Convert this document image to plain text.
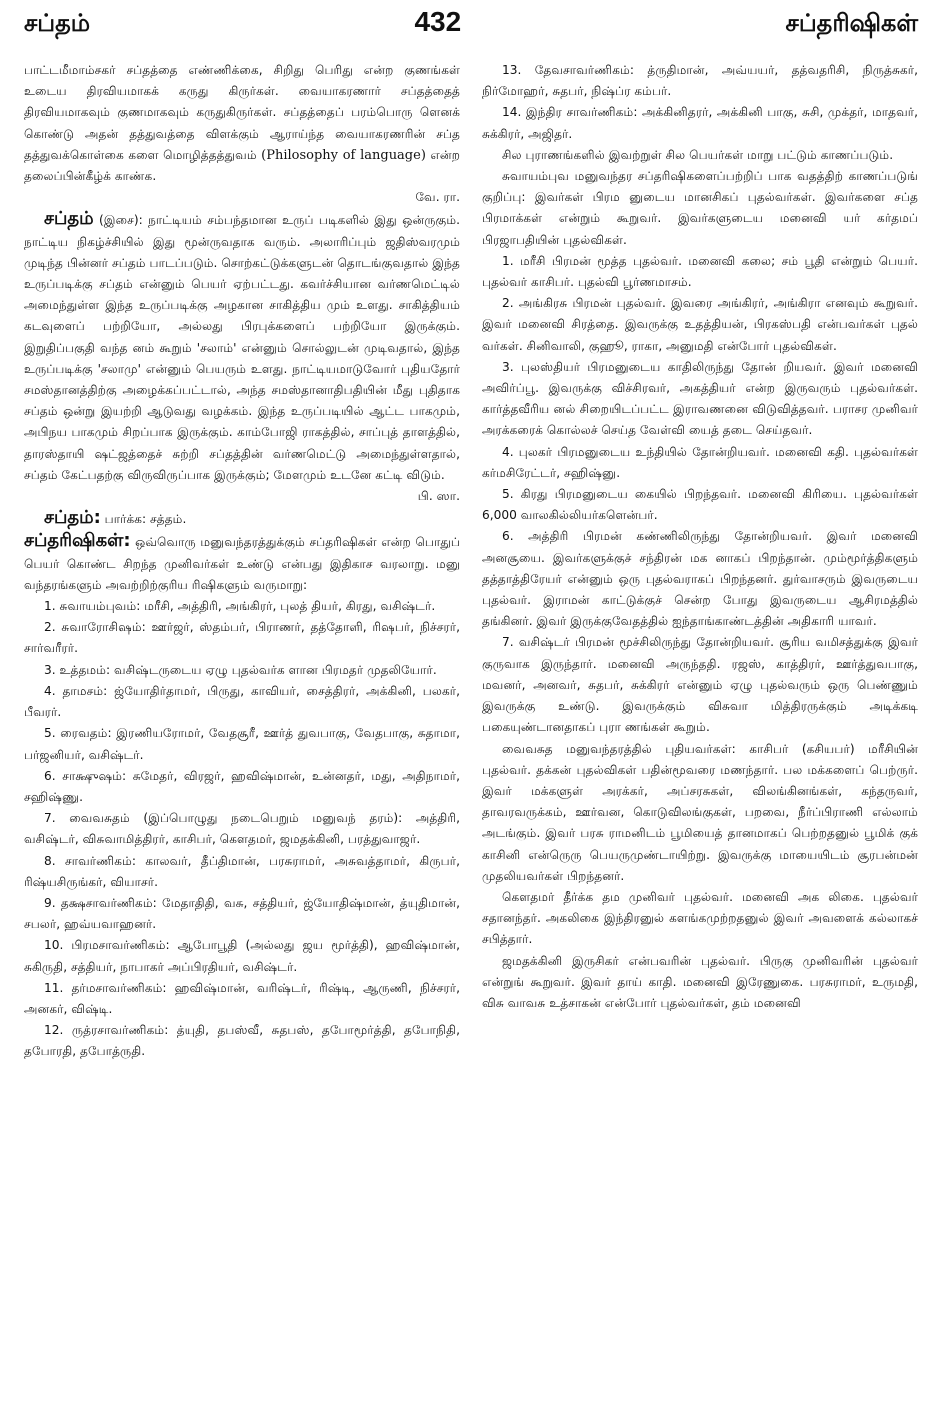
சப்தம்	432	சப்தரிஷிகள்

பாட்டமீமாம்சகர் சப்தத்தை எண்ணிக்கை, சிறிது பெரிது என்ற குணங்கள் உடைய திரவியமாகக் கருது கிருர்கள். வையாகரணார் சப்தத்தைத் திரவியமாகவும் குணமாகவும் கருதுகிருர்கள். சப்தத்தைப் பரம்பொரு ளெனக் கொண்டு அதன் தத்துவத்தை விளக்கும் ஆராய்ந்த வையாகரணரின் சப்த தத்துவக்கொள்கை களை மொழித்தத்துவம் (Philosophy of language) என்ற தலைப்பின்கீழ்க் காண்க.
வே. ரா.

சப்தம் (இசை): நாட்டியம் சம்பந்தமான உருப் படிகளில் இது ஒன்ருகும். நாட்டிய நிகழ்ச்சியில் இது மூன்ருவதாக வரும். அலாரிப்பும் ஜதிஸ்வரமும் முடிந்த பின்னர் சப்தம் பாடப்படும். சொற்கட்டுக்களுடன் தொடங்குவதால் இந்த உருப்படிக்கு சப்தம் என்னும் பெயர் ஏற்பட்டது. கவர்ச்சியான வர்ணமெட்டில் அமைந்துள்ள இந்த உருப்படிக்கு அழகான சாகித்திய மும் உளது. சாகித்தியம் கடவுளைப் பற்றியோ, அல்லது பிரபுக்களைப் பற்றியோ இருக்கும். இறுதிப்பகுதி வந்த னம் கூறும் 'சலாம்' என்னும் சொல்லுடன் முடிவதால், இந்த உருப்படிக்கு 'சலாமு' என்னும் பெயரும் உளது. நாட்டியமாடுவோர் புதியதோர் சமஸ்தானத்திற்கு அழைக்கப்பட்டால், அந்த சமஸ்தானாதிபதியின் மீது புதிதாக சப்தம் ஒன்று இயற்றி ஆடுவது வழக்கம். இந்த உருப்படியில் ஆட்ட பாகமும், அபிநய பாகமும் சிறப்பாக இருக்கும். காம்போஜி ராகத்தில், சாப்புத் தாளத்தில், தாரஸ்தாயி ஷட்ஜத்தைச் சுற்றி சப்தத்தின் வர்ணமெட்டு அமைந்துள்ளதால், சப்தம் கேட்பதற்கு விருவிருப்பாக இருக்கும்; மேளமும் உடனே கட்டி விடும்.
பி. ஸா.

சப்தம்: பார்க்க: சத்தம்.

சப்தரிஷிகள்: ஒவ்வொரு மனுவந்தரத்துக்கும் சப்தரிஷிகள் என்ற பொதுப் பெயர் கொண்ட சிறந்த முனிவர்கள் உண்டு என்பது இதிகாச வரலாறு. மனு வந்தரங்களும் அவற்றிற்குரிய ரிஷிகளும் வருமாறு:

1. சுவாயம்புவம்: மரீசி, அத்திரி, அங்கிரர், புலத் தியர், கிரது, வசிஷ்டர்.

2. சுவாரோசிஷம்: ஊர்ஜர், ஸ்தம்பர், பிராணர், தத்தோளி, ரிஷபர், நிச்சரர், சார்வரீரர்.

3. உத்தமம்: வசிஷ்டருடைய ஏழு புதல்வர்க ளான பிரமதர் முதலியோர்.

4. தாமசம்: ஜ்யோதிர்தாமர், பிருது, காவியர், சைத்திரர், அக்கினி, பலகர், பீவரர்.

5. ரைவதம்: இரணியரோமர், வேதசூரீ, ஊர்த் துவபாகு, வேதபாகு, சுதாமா, பர்ஜனியர், வசிஷ்டர்.

6. சாக்ஷுஷம்: சுமேதர், விரஜர், ஹவிஷ்மான், உன்னதர், மது, அதிநாமர், சஹிஷ்ணு.

7. வைவசுதம் (இப்பொழுது நடைபெறும் மனுவந் தரம்): அத்திரி, வசிஷ்டர், விசுவாமித்திரர், காசிபர், கௌதமர், ஜமதக்கினி, பரத்துவாஜர்.

8. சாவர்ணிகம்: காலவர், தீப்திமான், பரசுராமர், அசுவத்தாமர், கிருபர், ரிஷ்யசிருங்கர், வியாசர்.

9. தக்ஷசாவர்ணிகம்: மேதாதிதி, வசு, சத்தியர், ஜ்யோதிஷ்மான், த்யுதிமான், சபலர், ஹவ்யவாஹனர்.

10. பிரமசாவர்ணிகம்: ஆபோபூதி (அல்லது ஜய மூர்த்தி), ஹவிஷ்மான், சுகிருதி, சத்தியர், நாபாகர் அப்பிரதியர், வசிஷ்டர்.

11. தர்மசாவர்ணிகம்: ஹவிஷ்மான், வரிஷ்டர், ரிஷ்டி, ஆருணி, நிச்சரர், அனகர், விஷ்டி.

12. ருத்ரசாவர்ணிகம்: த்யுதி, தபஸ்வீ, சுதபஸ், தபோமூர்த்தி, தபோநிதி, தபோரதி, தபோத்ருதி.

13. தேவசாவர்ணிகம்: த்ருதிமான், அவ்யயர், தத்வதரிசி, நிருத்சுகர், நிர்மோஹர், சுதபர், நிஷ்ப்ர கம்பர்.

14. இந்திர சாவர்ணிகம்: அக்கினிதரர், அக்கினி பாகு, சுசி, முக்தர், மாதவர், சுக்கிரர், அஜிதர்.

சில புராணங்களில் இவற்றுள் சில பெயர்கள் மாறு பட்டும் காணப்படும்.

சுவாயம்புவ மனுவந்தர சப்தரிஷிகளைப்பற்றிப் பாக வதத்திற் காணப்படுங் குறிப்பு: இவர்கள் பிரம னுடைய மானசிகப் புதல்வர்கள். இவர்களை சப்த பிரமாக்கள் என்றும் கூறுவர். இவர்களுடைய மனைவி யர் கர்தமப் பிரஜாபதியின் புதல்விகள்.

1. மரீசி பிரமன் மூத்த புதல்வர். மனைவி கலை; சம் பூதி என்றும் பெயர். புதல்வர் காசிபர். புதல்வி பூர்ணமாசம்.

2. அங்கிரசு பிரமன் புதல்வர். இவரை அங்கிரர், அங்கிரா எனவும் கூறுவர். இவர் மனைவி சிரத்தை. இவருக்கு உதத்தியன், பிரகஸ்பதி என்பவர்கள் புதல் வர்கள். சினிவாலி, குஹூ, ராகா, அனுமதி என்போர் புதல்விகள்.

3. புலஸ்தியர் பிரமனுடைய காதிலிருந்து தோன் றியவர். இவர் மனைவி அவிர்ப்பூ. இவருக்கு விச்சிரவர், அகத்தியர் என்ற இருவரும் புதல்வர்கள். கார்த்தவீரிய னல் சிறையிடப்பட்ட இராவணனை விடுவித்தவர். பராசர முனிவர் அரக்கரைக் கொல்லச் செய்த வேள்வி யைத் தடை செய்தவர்.

4. புலகர் பிரமனுடைய உந்தியில் தோன்றியவர். மனைவி கதி. புதல்வர்கள் கர்மசிரேட்டர், சஹிஷ்னு.

5. கிரது பிரமனுடைய கையில் பிறந்தவர். மனைவி கிரியை. புதல்வர்கள் 6,000 வாலகில்லியர்களென்பர்.

6. அத்திரி பிரமன் கண்ணிலிருந்து தோன்றியவர். இவர் மனைவி அனசூயை. இவர்களுக்குச் சந்திரன் மக னாகப் பிறந்தான். மும்மூர்த்திகளும் தத்தாத்திரேயர் என்னும் ஒரு புதல்வராகப் பிறந்தனர். துர்வாசரும் இவருடைய புதல்வர். இராமன் காட்டுக்குச் சென்ற போது இவருடைய ஆசிரமத்தில் தங்கினர். இவர் இருக்குவேதத்தில் ஐந்தாங்காண்டத்தின் அதிகாரி யாவர்.

7. வசிஷ்டர் பிரமன் மூச்சிலிருந்து தோன்றியவர். சூரிய வமிசத்துக்கு இவர் குருவாக இருந்தார். மனைவி அருந்ததி. ரஜஸ், காத்திரர், ஊர்த்துவபாகு, மவனர், அனவர், சுதபர், சுக்கிரர் என்னும் ஏழு புதல்வரும் ஒரு பெண்ணும் இவருக்கு உண்டு. இவருக்கும் விசுவா மித்திரருக்கும் அடிக்கடி பகையுண்டானதாகப் புரா ணங்கள் கூறும்.

வைவசுத மனுவந்தரத்தில் புதியவர்கள்: காசிபர் (கசியபர்) மரீசியின் புதல்வர். தக்கன் புதல்விகள் பதின்மூவரை மணந்தார். பல மக்களைப் பெற்ருர். இவர் மக்களுள் அரக்கர், அப்சரசுகள், விலங்கினங்கள், கந்தருவர், தாவரவருக்கம், ஊர்வன, கொடுவிலங்குகள், பறவை, நீர்ப்பிராணி எல்லாம் அடங்கும். இவர் பரசு ராமனிடம் பூமியைத் தானமாகப் பெற்றதனுல் பூமிக் குக் காசினி என்ருெரு பெயருமுண்டாயிற்று. இவருக்கு மாயையிடம் சூரபன்மன் முதலியவர்கள் பிறந்தனர்.

கௌதமர் தீர்க்க தம முனிவர் புதல்வர். மனைவி அக லிகை. புதல்வர் சதானந்தர். அகலிகை இந்திரனுல் களங்கமுற்றதனுல் இவர் அவளைக் கல்லாகச் சபித்தார்.

ஜமதக்கினி இருசிகர் என்பவரின் புதல்வர். பிருகு முனிவரின் புதல்வர் என்றுங் கூறுவர். இவர் தாய் காதி. மனைவி இரேணுகை. பரசுராமர், உருமதி, விசு வாவசு உத்சாகன் என்போர் புதல்வர்கள், தம் மனைவி
